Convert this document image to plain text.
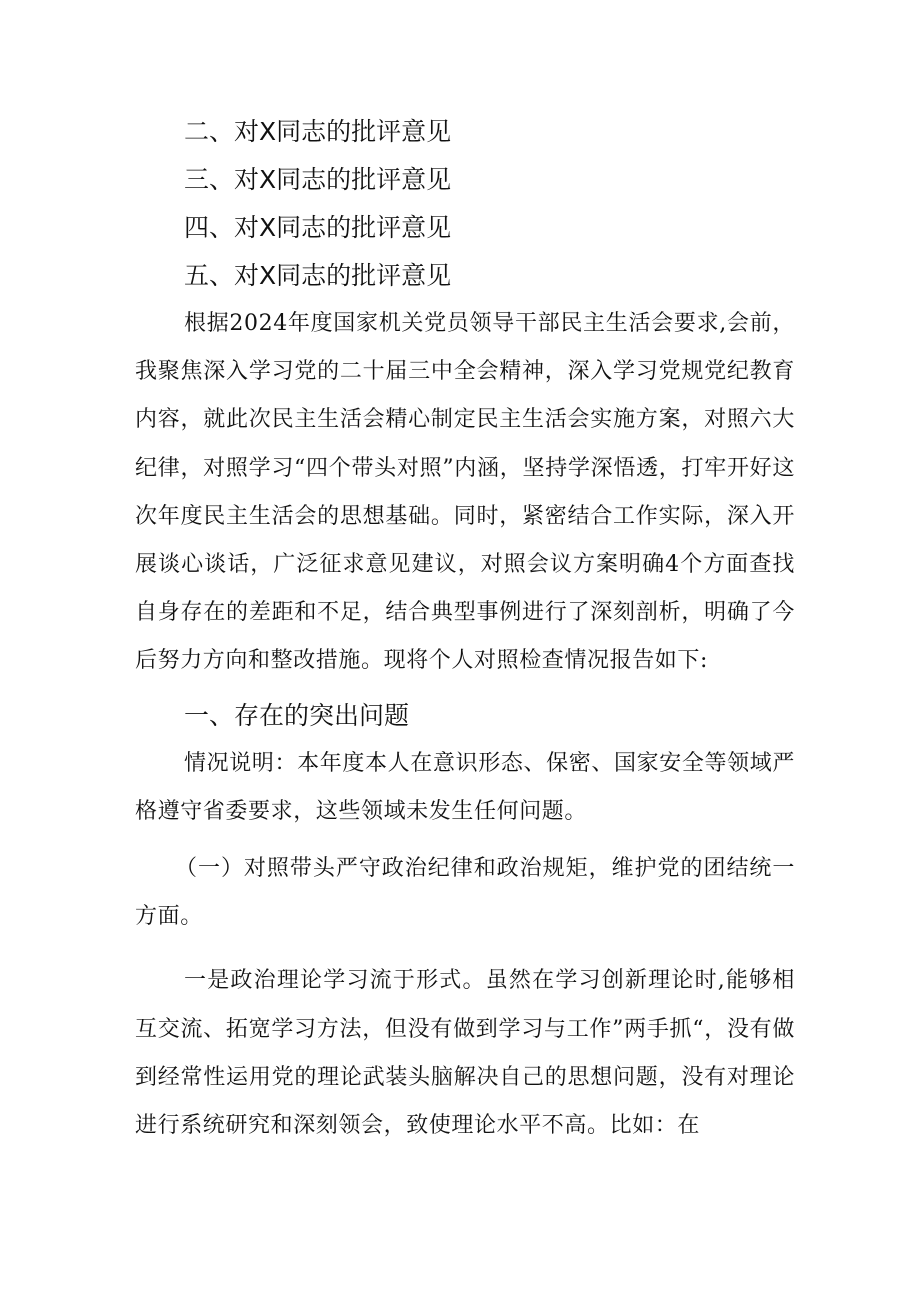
二、对X同志的批评意见

三、对X同志的批评意见

四、对X同志的批评意见

五、对X同志的批评意见

根据2024年度国家机关党员领导干部民主生活会要求,会前，我聚焦深入学习党的二十届三中全会精神，深入学习党规党纪教育内容，就此次民主生活会精心制定民主生活会实施方案，对照六大纪律，对照学习“四个带头对照”内涵，坚持学深悟透，打牢开好这次年度民主生活会的思想基础。同时，紧密结合工作实际，深入开展谈心谈话，广泛征求意见建议，对照会议方案明确4个方面查找自身存在的差距和不足，结合典型事例进行了深刻剖析，明确了今后努力方向和整改措施。现将个人对照检查情况报告如下:

一、存在的突出问题

情况说明：本年度本人在意识形态、保密、国家安全等领域严格遵守省委要求，这些领域未发生任何问题。

（一）对照带头严守政治纪律和政治规矩，维护党的团结统一方面。

一是政治理论学习流于形式。虽然在学习创新理论时,能够相互交流、拓宽学习方法，但没有做到学习与工作”两手抓“，没有做到经常性运用党的理论武装头脑解决自己的思想问题，没有对理论进行系统研究和深刻领会，致使理论水平不高。比如：在
